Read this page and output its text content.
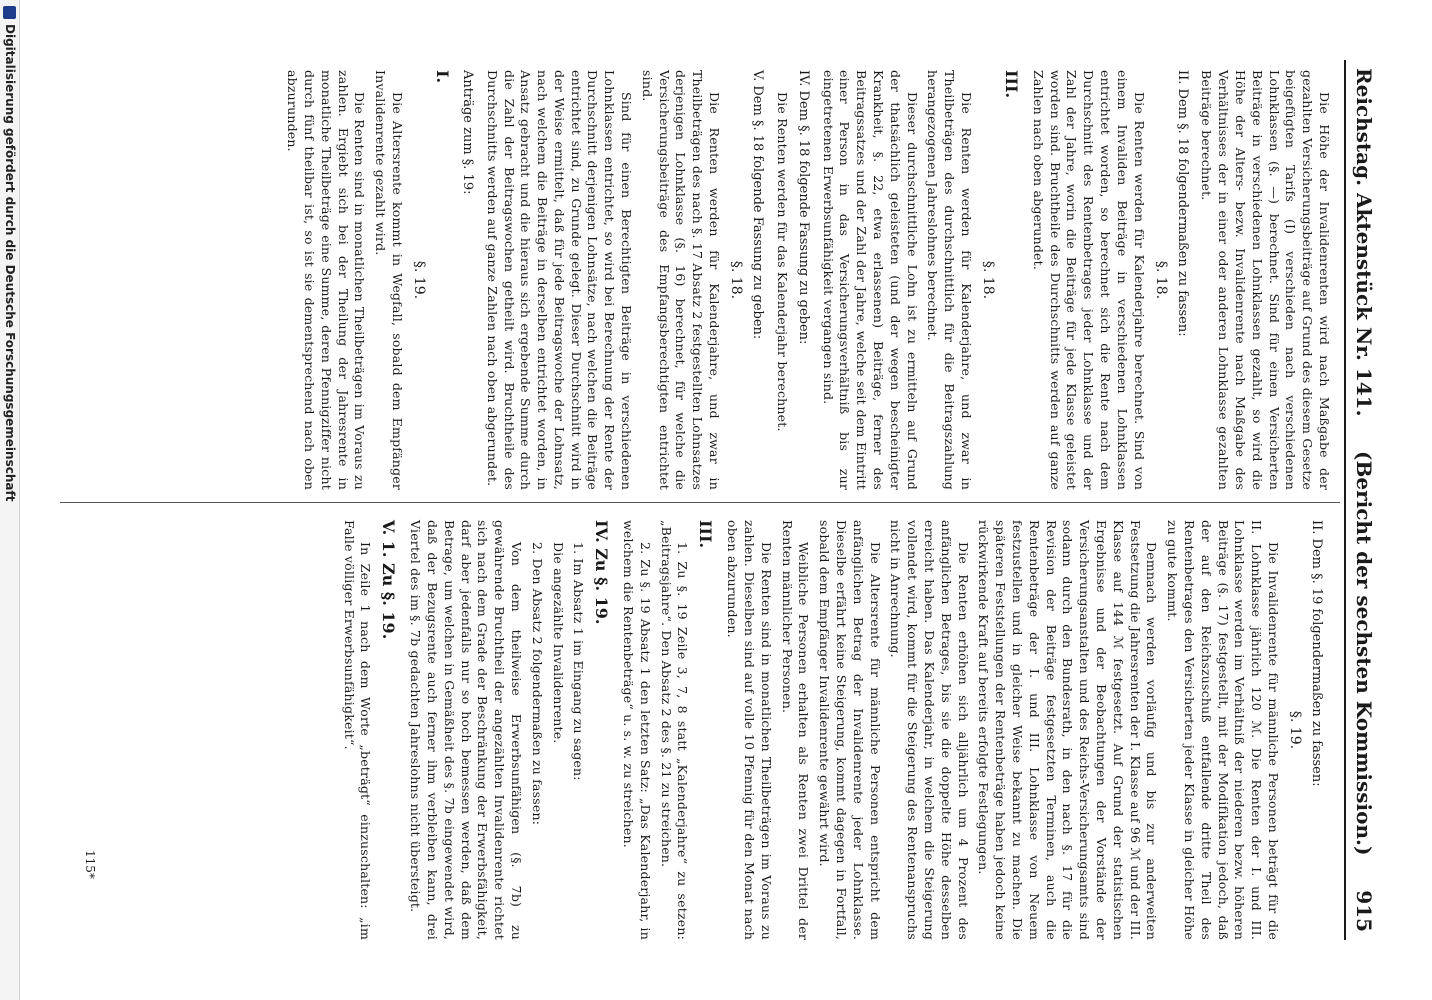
Reichstag. Aktenstück Nr. 141.
(Bericht der sechsten Kommission.)     915

Die Höhe der Invalidenrenten wird nach Maßgabe der gezahlten Versicherungsbeiträge auf Grund des diesem Gesetze beigefügten Tarifs (I) verschieden nach verschiedenen Lohnklassen (§. —) berechnet. Sind für einen Versicherten Beiträge in verschiedenen Lohnklassen gezahlt, so wird die Höhe der Alters- bezw. Invalidenrente nach Maßgabe des Verhältnisses der in einer oder anderen Lohnklasse gezahlten Beiträge berechnet.

II. Dem §. 18 folgendermaßen zu fassen:
§. 18.

Die Renten werden für Kalenderjahre berechnet. Sind von einem Invaliden Beiträge in verschiedenen Lohnklassen entrichtet worden, so berechnet sich die Rente nach dem Durchschnitt des Rentenbetrages jeder Lohnklasse und der Zahl der Jahre, worin die Beiträge für jede Klasse geleistet worden sind. Bruchtheile des Durchschnitts werden auf ganze Zahlen nach oben abgerundet.

III.
§. 18.

Die Renten werden für Kalenderjahre, und zwar in Theilbeträgen des durchschnittlich für die Beitragszahlung herangezogenen Jahreslohnes berechnet.

Dieser durchschnittliche Lohn ist zu ermitteln auf Grund der thatsächlich geleisteten (und der wegen bescheinigter Krankheit, §. 22, etwa erlassenen) Beiträge, ferner des Beitragssatzes und der Zahl der Jahre, welche seit dem Eintritt einer Person in das Versicherungsverhältniß bis zur eingetretenen Erwerbsunfähigkeit vergangen sind.

IV. Dem §. 18 folgende Fassung zu geben:

Die Renten werden für das Kalenderjahr berechnet.

V. Dem §. 18 folgende Fassung zu geben:
§. 18.

Die Renten werden für Kalenderjahre, und zwar in Theilbeträgen des nach §. 17 Absatz 2 festgestellten Lohnsatzes derjenigen Lohnklasse (§. 16) berechnet, für welche die Versicherungsbeiträge des Empfangsberechtigten entrichtet sind.

Sind für einen Berechtigten Beiträge in verschiedenen Lohnklassen entrichtet, so wird bei Berechnung der Rente der Durchschnitt derjenigen Lohnsätze, nach welchen die Beiträge entrichtet sind, zu Grunde gelegt. Dieser Durchschnitt wird in der Weise ermittelt, daß für jede Beitragswoche der Lohnsatz, nach welchem die Beiträge in derselben entrichtet worden, in Ansatz gebracht und die hieraus sich ergebende Summe durch die Zahl der Beitragswochen getheilt wird. Bruchtheile des Durchschnitts werden auf ganze Zahlen nach oben abgerundet.

Anträge zum §. 19:
I.
§. 19.

Die Altersrente kommt in Wegfall, sobald dem Empfänger Invalidenrente gezahlt wird.

Die Renten sind in monatlichen Theilbeträgen im Voraus zu zahlen. Ergiebt sich bei der Theilung der Jahresrente in monatliche Theilbeträge eine Summe, deren Pfennigziffer nicht durch fünf theilbar ist, so ist sie dementsprechend nach oben abzurunden.

II. Dem §. 19 folgendermaßen zu fassen:
§. 19.

Die Invalidenrente für männliche Personen beträgt für die II. Lohnklasse jährlich 120 ℳ. Die Renten der I. und III. Lohnklasse werden im Verhältniß der niederen bezw. höheren Beiträge (§. 17) festgestellt, mit der Modifikation jedoch, daß der auf den Reichszuschuß entfallende dritte Theil des Rentenbetrages den Versicherten jeder Klasse in gleicher Höhe zu gute kommt.

Demnach werden vorläufig und bis zur anderweiten Festsetzung die Jahresrenten der I. Klasse auf 96 ℳ und der III. Klasse auf 144 ℳ festgesetzt. Auf Grund der statistischen Ergebnisse und der Beobachtungen der Vorstände der Versicherungsanstalten und des Reichs-Versicherungsamts sind sodann durch den Bundesrath, in den nach §. 17 für die Revision der Beiträge festgesetzten Terminen, auch die Rentenbeträge der I. und III. Lohnklasse von Neuem festzustellen und in gleicher Weise bekannt zu machen. Die späteren Feststellungen der Rentenbeträge haben jedoch keine rückwirkende Kraft auf bereits erfolgte Festlegungen.

Die Renten erhöhen sich alljährlich um 4 Prozent des anfänglichen Betrages, bis sie die doppelte Höhe desselben erreicht haben. Das Kalenderjahr, in welchem die Steigerung vollendet wird, kommt für die Steigerung des Rentenanspruchs nicht in Anrechnung.

Die Altersrente für männliche Personen entspricht dem anfänglichen Betrag der Invalidenrente jeder Lohnklasse. Dieselbe erfährt keine Steigerung, kommt dagegen in Fortfall, sobald dem Empfänger Invalidenrente gewährt wird.

Weibliche Personen erhalten als Renten zwei Drittel der Renten männlicher Personen.

Die Renten sind in monatlichen Theilbeträgen im Voraus zu zahlen. Dieselben sind auf volle 10 Pfennig für den Monat nach oben abzurunden.

III.

1. Zu §. 19 Zeile 3, 7, 8 statt „Kalenderjahre“ zu setzen: „Beitragsjahre“. Den Absatz 2 des §. 21 zu streichen.

2. Zu §. 19 Absatz 1 den letzten Satz: „Das Kalenderjahr, in welchem die Rentenbeträge“ u. s. w. zu streichen.

IV. Zu §. 19.

1. Im Absatz 1 im Eingang zu sagen:

Die angezählte Invalidenrente.

2. Den Absatz 2 folgendermaßen zu fassen:

Von dem theilweise Erwerbsunfähigen (§. 7b) zu gewährende Bruchtheil der angezählten Invalidenrente richtet sich nach dem Grade der Beschränkung der Erwerbsfähigkeit, darf aber jedenfalls nur so hoch bemessen werden, daß dem Betrage, um welchen in Gemäßheit des §. 7b eingewendet wird, daß der Bezugsrente auch ferner ihm verbleiben kann, drei Viertel des im §. 7b gedachten Jahreslohns nicht übersteigt.

V. 1. Zu §. 19.

In Zeile 1 nach dem Worte „beträgt“ einzuschalten: „im Falle völliger Erwerbsunfähigkeit“.

115*
Digitalisierung gefördert durch die Deutsche Forschungsgemeinschaft
